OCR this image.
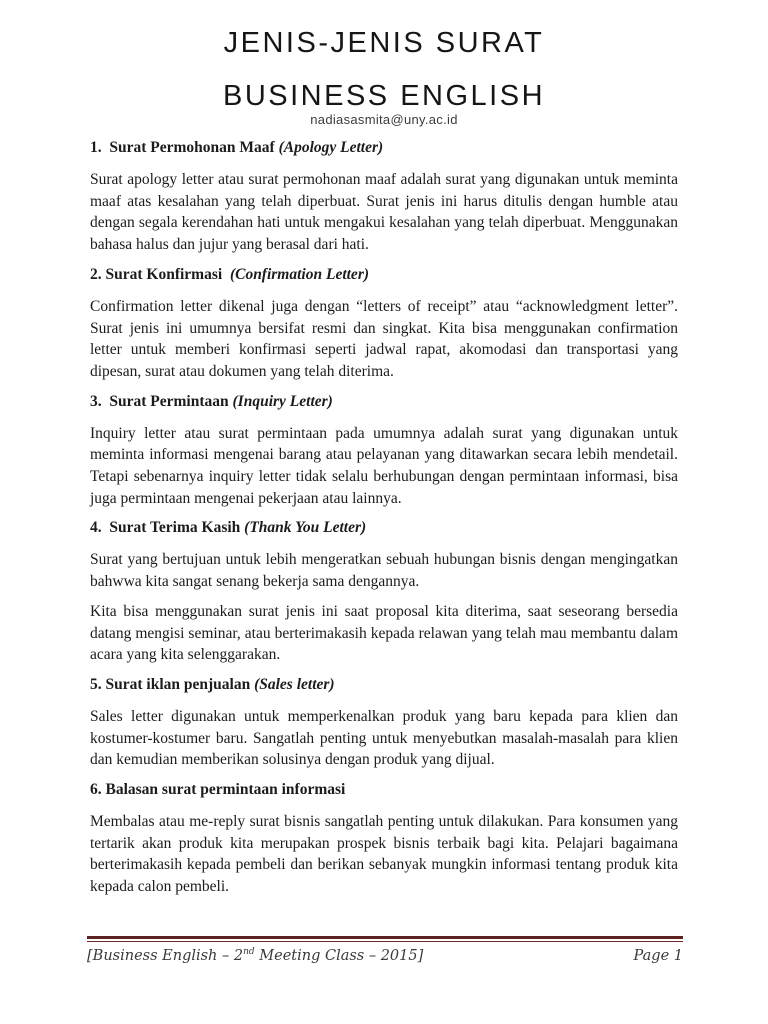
JENIS-JENIS SURAT
BUSINESS ENGLISH
nadiasasmita@uny.ac.id
1.  Surat Permohonan Maaf (Apology Letter)

Surat apology letter atau surat permohonan maaf adalah surat yang digunakan untuk meminta maaf atas kesalahan yang telah diperbuat. Surat jenis ini harus ditulis dengan humble atau dengan segala kerendahan hati untuk mengakui kesalahan yang telah diperbuat. Menggunakan bahasa halus dan jujur yang berasal dari hati.

2. Surat Konfirmasi  (Confirmation Letter)

Confirmation letter dikenal juga dengan “letters of receipt” atau “acknowledgment letter”. Surat jenis ini umumnya bersifat resmi dan singkat. Kita bisa menggunakan confirmation letter untuk memberi konfirmasi seperti jadwal rapat, akomodasi dan transportasi yang dipesan, surat atau dokumen yang telah diterima.

3.  Surat Permintaan (Inquiry Letter)

Inquiry letter atau surat permintaan pada umumnya adalah surat yang digunakan untuk meminta informasi mengenai barang atau pelayanan yang ditawarkan secara lebih mendetail. Tetapi sebenarnya inquiry letter tidak selalu berhubungan dengan permintaan informasi, bisa juga permintaan mengenai pekerjaan atau lainnya.

4.  Surat Terima Kasih (Thank You Letter)

Surat yang bertujuan untuk lebih mengeratkan sebuah hubungan bisnis dengan mengingatkan bahwwa kita sangat senang bekerja sama dengannya.

Kita bisa menggunakan surat jenis ini saat proposal kita diterima, saat seseorang bersedia datang mengisi seminar, atau berterimakasih kepada relawan yang telah mau membantu dalam acara yang kita selenggarakan.

5. Surat iklan penjualan (Sales letter)

Sales letter digunakan untuk memperkenalkan produk yang baru kepada para klien dan kostumer-kostumer baru. Sangatlah penting untuk menyebutkan masalah-masalah para klien dan kemudian memberikan solusinya dengan produk yang dijual.

6. Balasan surat permintaan informasi

Membalas atau me-reply surat bisnis sangatlah penting untuk dilakukan. Para konsumen yang tertarik akan produk kita merupakan prospek bisnis terbaik bagi kita. Pelajari bagaimana berterimakasih kepada pembeli dan berikan sebanyak mungkin informasi tentang produk kita kepada calon pembeli.

[Business English – 2nd Meeting Class – 2015]	Page 1
